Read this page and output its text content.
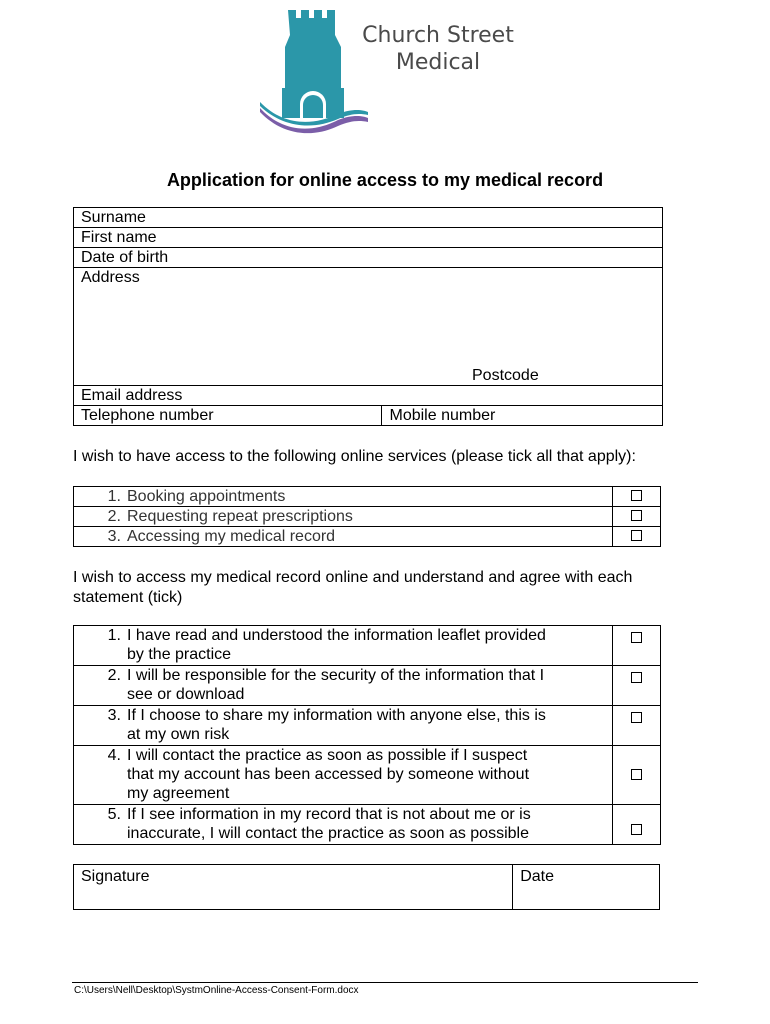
Church Street
Medical
Application for online access to my medical record
Surname
First name
Date of birth
Address
Postcode

Email address
Telephone number	Mobile number
I wish to have access to the following online services (please tick all that apply):
1. Booking appointments	
2. Requesting repeat prescriptions	
3. Accessing my medical record	
I wish to access my medical record online and understand and agree with each statement (tick)
1. I have read and understood the information leaflet provided
by the practice	

2. I will be responsible for the security of the information that I
see or download	

3. If I choose to share my information with anyone else, this is
at my own risk	

4. I will contact the practice as soon as possible if I suspect
that my account has been accessed by someone without
my agreement	

5. If I see information in my record that is not about me or is
inaccurate, I will contact the practice as soon as possible	

Signature	Date
C:\Users\Nell\Desktop\SystmOnline-Access-Consent-Form.docx
